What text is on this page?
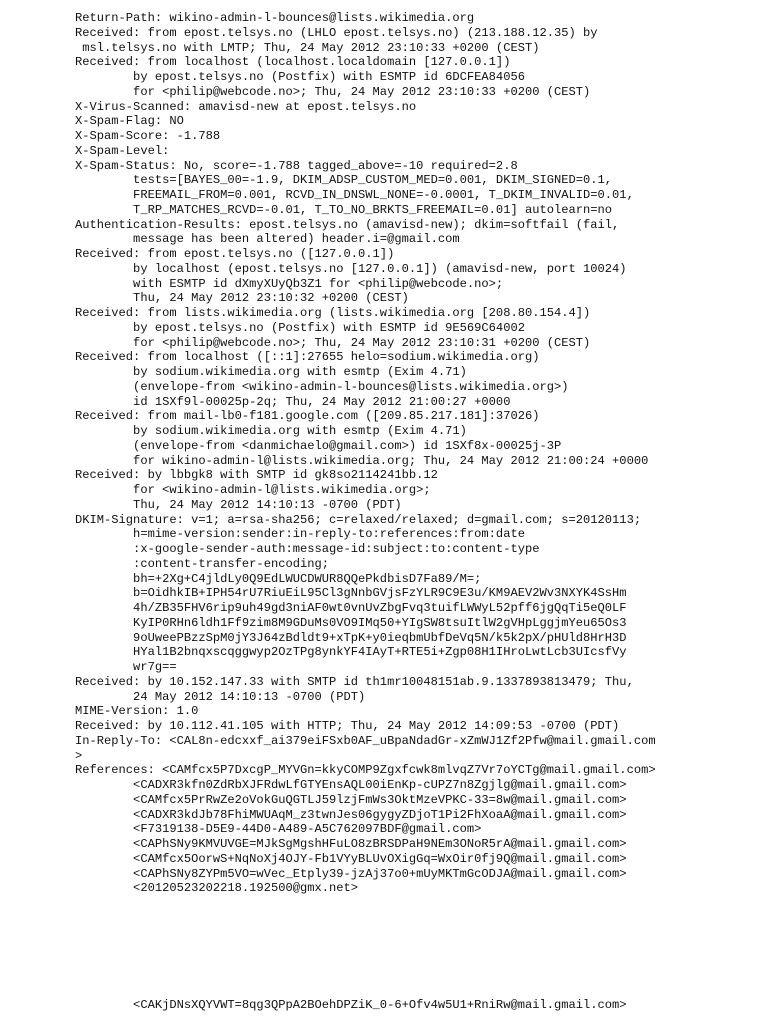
Return-Path: wikino-admin-l-bounces@lists.wikimedia.org
Received: from epost.telsys.no (LHLO epost.telsys.no) (213.188.12.35) by
msl.telsys.no with LMTP; Thu, 24 May 2012 23:10:33 +0200 (CEST)
Received: from localhost (localhost.localdomain [127.0.0.1])
by epost.telsys.no (Postfix) with ESMTP id 6DCFEA84056
for <philip@webcode.no>; Thu, 24 May 2012 23:10:33 +0200 (CEST)
X-Virus-Scanned: amavisd-new at epost.telsys.no
X-Spam-Flag: NO
X-Spam-Score: -1.788
X-Spam-Level:
X-Spam-Status: No, score=-1.788 tagged_above=-10 required=2.8
tests=[BAYES_00=-1.9, DKIM_ADSP_CUSTOM_MED=0.001, DKIM_SIGNED=0.1,
FREEMAIL_FROM=0.001, RCVD_IN_DNSWL_NONE=-0.0001, T_DKIM_INVALID=0.01,
T_RP_MATCHES_RCVD=-0.01, T_TO_NO_BRKTS_FREEMAIL=0.01] autolearn=no
Authentication-Results: epost.telsys.no (amavisd-new); dkim=softfail (fail,
message has been altered) header.i=@gmail.com
Received: from epost.telsys.no ([127.0.0.1])
by localhost (epost.telsys.no [127.0.0.1]) (amavisd-new, port 10024)
with ESMTP id dXmyXUyQb3Z1 for <philip@webcode.no>;
Thu, 24 May 2012 23:10:32 +0200 (CEST)
Received: from lists.wikimedia.org (lists.wikimedia.org [208.80.154.4])
by epost.telsys.no (Postfix) with ESMTP id 9E569C64002
for <philip@webcode.no>; Thu, 24 May 2012 23:10:31 +0200 (CEST)
Received: from localhost ([::1]:27655 helo=sodium.wikimedia.org)
by sodium.wikimedia.org with esmtp (Exim 4.71)
(envelope-from <wikino-admin-l-bounces@lists.wikimedia.org>)
id 1SXf9l-00025p-2q; Thu, 24 May 2012 21:00:27 +0000
Received: from mail-lb0-f181.google.com ([209.85.217.181]:37026)
by sodium.wikimedia.org with esmtp (Exim 4.71)
(envelope-from <danmichaelo@gmail.com>) id 1SXf8x-00025j-3P
for wikino-admin-l@lists.wikimedia.org; Thu, 24 May 2012 21:00:24 +0000
Received: by lbbgk8 with SMTP id gk8so2114241bb.12
for <wikino-admin-l@lists.wikimedia.org>;
Thu, 24 May 2012 14:10:13 -0700 (PDT)
DKIM-Signature: v=1; a=rsa-sha256; c=relaxed/relaxed; d=gmail.com; s=20120113;
h=mime-version:sender:in-reply-to:references:from:date
:x-google-sender-auth:message-id:subject:to:content-type
:content-transfer-encoding;
bh=+2Xg+C4jldLy0Q9EdLWUCDWUR8QQePkdbisD7Fa89/M=;
b=OidhkIB+IPH54rU7RiuEiL95Cl3gNnbGVjsFzYLR9C9E3u/KM9AEV2Wv3NXYK4SsHm
4h/ZB35FHV6rip9uh49gd3niAF0wt0vnUvZbgFvq3tuifLWWyL52pff6jgQqTi5eQ0LF
KyIP0RHn6ldh1Ff9zim8M9GDuMs0VO9IMq50+YIgSW8tsuItlW2gVHpLggjmYeu65Os3
9oUweePBzzSpM0jY3J64zBdldt9+xTpK+y0ieqbmUbfDeVq5N/k5k2pX/pHUld8HrH3D
HYal1B2bnqxscqggwyp2OzTPg8ynkYF4IAyT+RTE5i+Zgp08H1IHroLwtLcb3UIcsfVy
wr7g==
Received: by 10.152.147.33 with SMTP id th1mr10048151ab.9.1337893813479; Thu,
24 May 2012 14:10:13 -0700 (PDT)
MIME-Version: 1.0
Received: by 10.112.41.105 with HTTP; Thu, 24 May 2012 14:09:53 -0700 (PDT)
In-Reply-To: <CAL8n-edcxxf_ai379eiFSxb0AF_uBpaNdadGr-xZmWJ1Zf2Pfw@mail.gmail.com
>
References: <CAMfcx5P7DxcgP_MYVGn=kkyCOMP9Zgxfcwk8mlvqZ7Vr7oYCTg@mail.gmail.com>
<CADXR3kfn0ZdRbXJFRdwLfGTYEnsAQL00iEnKp-cUPZ7n8Zgjlg@mail.gmail.com>
<CAMfcx5PrRwZe2oVokGuQGTLJ59lzjFmWs3OktMzeVPKC-33=8w@mail.gmail.com>
<CADXR3kdJb78FhiMWUAqM_z3twnJes06gygyZDjoT1Pi2FhXoaA@mail.gmail.com>
<F7319138-D5E9-44D0-A489-A5C762097BDF@gmail.com>
<CAPhSNy9KMVUVGE=MJkSgMgshHFuLO8zBRSDPaH9NEm3ONoR5rA@mail.gmail.com>
<CAMfcx5OorwS+NqNoXj4OJY-Fb1VYyBLUvOXigGq=WxOir0fj9Q@mail.gmail.com>
<CAPhSNy8ZYPm5VO=wVec_Etply39-jzAj37o0+mUyMKTmGcODJA@mail.gmail.com>
<20120523202218.192500@gmx.net>
<CAKjDNsXQYVWT=8qg3QPpA2BOehDPZiK_0-6+Ofv4w5U1+RniRw@mail.gmail.com>
